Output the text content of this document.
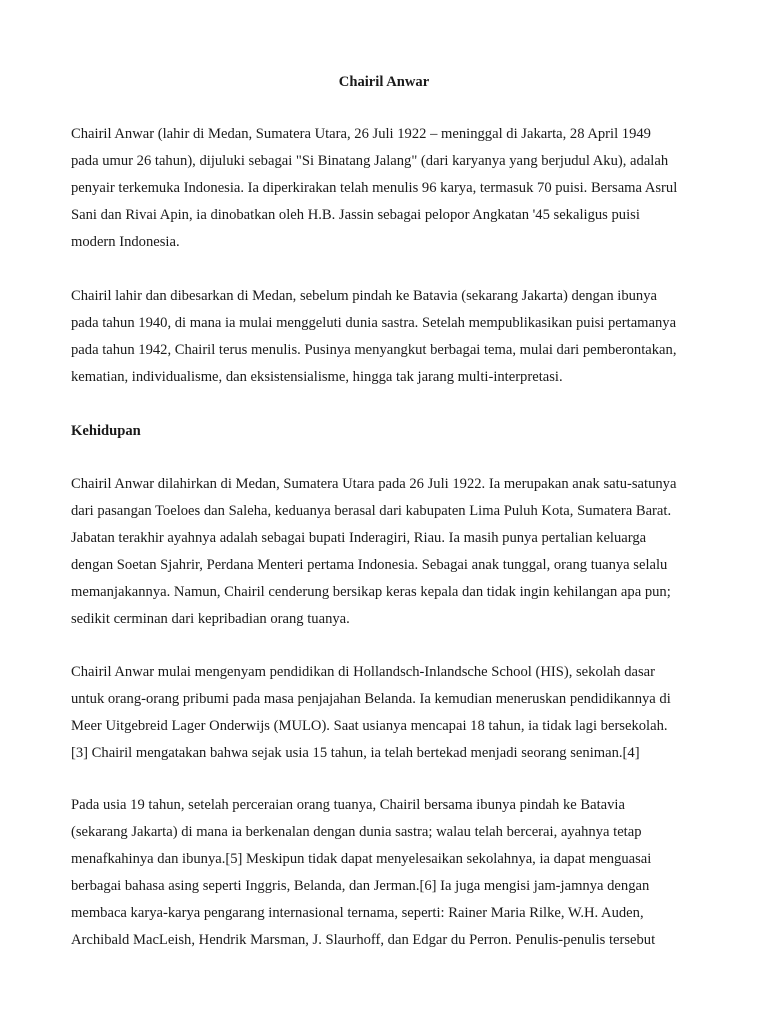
Chairil Anwar

Chairil Anwar (lahir di Medan, Sumatera Utara, 26 Juli 1922 – meninggal di Jakarta, 28 April 1949
pada umur 26 tahun), dijuluki sebagai "Si Binatang Jalang" (dari karyanya yang berjudul Aku), adalah
penyair terkemuka Indonesia. Ia diperkirakan telah menulis 96 karya, termasuk 70 puisi. Bersama Asrul
Sani dan Rivai Apin, ia dinobatkan oleh H.B. Jassin sebagai pelopor Angkatan '45 sekaligus puisi
modern Indonesia.

Chairil lahir dan dibesarkan di Medan, sebelum pindah ke Batavia (sekarang Jakarta) dengan ibunya
pada tahun 1940, di mana ia mulai menggeluti dunia sastra. Setelah mempublikasikan puisi pertamanya
pada tahun 1942, Chairil terus menulis. Pusinya menyangkut berbagai tema, mulai dari pemberontakan,
kematian, individualisme, dan eksistensialisme, hingga tak jarang multi-interpretasi.

Kehidupan

Chairil Anwar dilahirkan di Medan, Sumatera Utara pada 26 Juli 1922. Ia merupakan anak satu-satunya
dari pasangan Toeloes dan Saleha, keduanya berasal dari kabupaten Lima Puluh Kota, Sumatera Barat.
Jabatan terakhir ayahnya adalah sebagai bupati Inderagiri, Riau. Ia masih punya pertalian keluarga
dengan Soetan Sjahrir, Perdana Menteri pertama Indonesia. Sebagai anak tunggal, orang tuanya selalu
memanjakannya. Namun, Chairil cenderung bersikap keras kepala dan tidak ingin kehilangan apa pun;
sedikit cerminan dari kepribadian orang tuanya.

Chairil Anwar mulai mengenyam pendidikan di Hollandsch-Inlandsche School (HIS), sekolah dasar
untuk orang-orang pribumi pada masa penjajahan Belanda. Ia kemudian meneruskan pendidikannya di
Meer Uitgebreid Lager Onderwijs (MULO). Saat usianya mencapai 18 tahun, ia tidak lagi bersekolah.
[3] Chairil mengatakan bahwa sejak usia 15 tahun, ia telah bertekad menjadi seorang seniman.[4]

Pada usia 19 tahun, setelah perceraian orang tuanya, Chairil bersama ibunya pindah ke Batavia
(sekarang Jakarta) di mana ia berkenalan dengan dunia sastra; walau telah bercerai, ayahnya tetap
menafkahinya dan ibunya.[5] Meskipun tidak dapat menyelesaikan sekolahnya, ia dapat menguasai
berbagai bahasa asing seperti Inggris, Belanda, dan Jerman.[6] Ia juga mengisi jam-jamnya dengan
membaca karya-karya pengarang internasional ternama, seperti: Rainer Maria Rilke, W.H. Auden,
Archibald MacLeish, Hendrik Marsman, J. Slaurhoff, dan Edgar du Perron. Penulis-penulis tersebut
